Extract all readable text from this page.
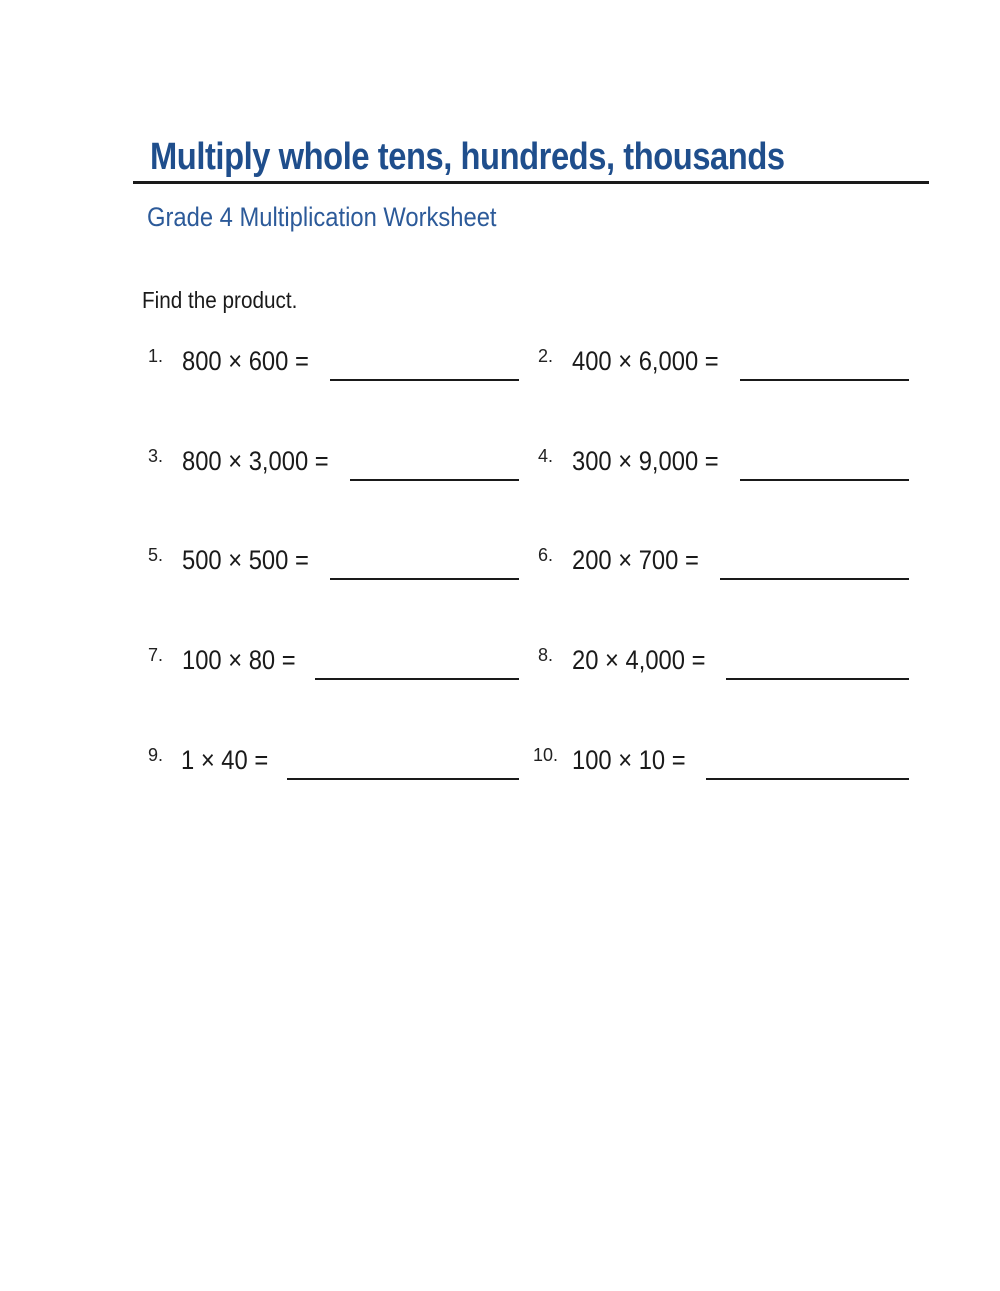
Multiply whole tens, hundreds, thousands
Grade 4 Multiplication Worksheet
Find the product.
1. 800 × 600 =	2. 400 × 6,000 =
3. 800 × 3,000 =	4. 300 × 9,000 =
5. 500 × 500 =	6. 200 × 700 =
7. 100 × 80 =	8. 20 × 4,000 =
9. 1 × 40 =	10. 100 × 10 =
